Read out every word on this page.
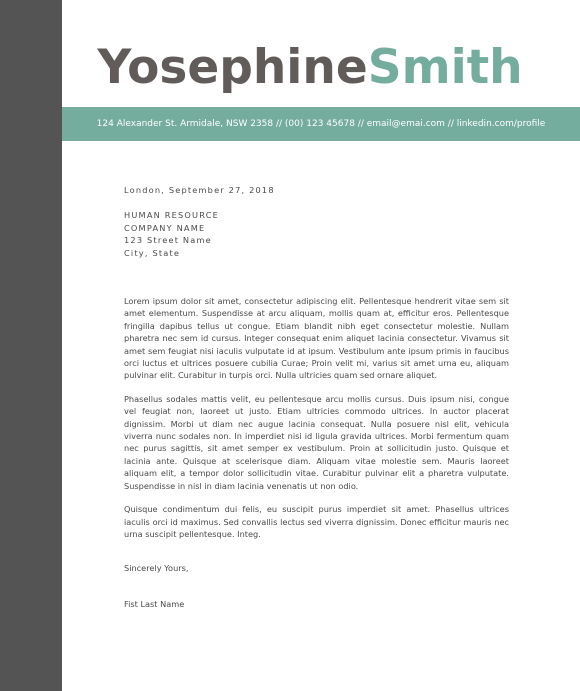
YosephineSmith
124 Alexander St. Armidale, NSW 2358 // (00) 123 45678 // email@emai.com // linkedin.com/profile
London, September 27, 2018
HUMAN RESOURCE
COMPANY NAME
123 Street Name
City, State

Lorem ipsum dolor sit amet, consectetur adipiscing elit. Pellentesque hendrerit vitae sem sit amet elementum. Suspendisse at arcu aliquam, mollis quam at, efficitur eros. Pellentesque fringilla dapibus tellus ut congue. Etiam blandit nibh eget consectetur molestie. Nullam pharetra nec sem id cursus. Integer consequat enim aliquet lacinia consectetur. Vivamus sit amet sem feugiat nisi iaculis vulputate id at ipsum. Vestibulum ante ipsum primis in faucibus orci luctus et ultrices posuere cubilia Curae; Proin velit mi, varius sit amet urna eu, aliquam pulvinar elit. Curabitur in turpis orci. Nulla ultricies quam sed ornare aliquet.

Phasellus sodales mattis velit, eu pellentesque arcu mollis cursus. Duis ipsum nisi, congue vel feugiat non, laoreet ut justo. Etiam ultricies commodo ultrices. In auctor placerat dignissim. Morbi ut diam nec augue lacinia consequat. Nulla posuere nisl elit, vehicula viverra nunc sodales non. In imperdiet nisi id ligula gravida ultrices. Morbi fermentum quam nec purus sagittis, sit amet semper ex vestibulum. Proin at sollicitudin justo. Quisque et lacinia ante. Quisque at scelerisque diam. Aliquam vitae molestie sem. Mauris laoreet aliquam elit, a tempor dolor sollicitudin vitae. Curabitur pulvinar elit a pharetra vulputate. Suspendisse in nisl in diam lacinia venenatis ut non odio.

Quisque condimentum dui felis, eu suscipit purus imperdiet sit amet. Phasellus ultrices iaculis orci id maximus. Sed convallis lectus sed viverra dignissim. Donec efficitur mauris nec urna suscipit pellentesque. Integ.

Sincerely Yours,
Fist Last Name
